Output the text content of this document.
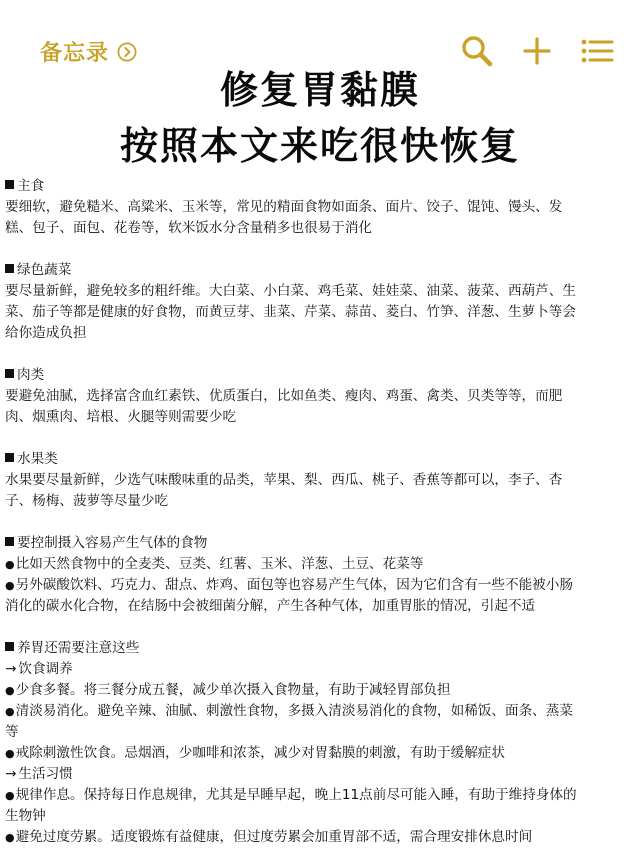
备忘录
修复胃黏膜
按照本文来吃很快恢复
主食
要细软，避免糙米、高粱米、玉米等，常见的精面食物如面条、面片、饺子、馄饨、馒头、发
糕、包子、面包、花卷等，软米饭水分含量稍多也很易于消化
绿色蔬菜
要尽量新鲜，避免较多的粗纤维。大白菜、小白菜、鸡毛菜、娃娃菜、油菜、菠菜、西葫芦、生
菜、茄子等都是健康的好食物，而黄豆芽、韭菜、芹菜、蒜苗、菱白、竹笋、洋葱、生萝卜等会
给你造成负担
肉类
要避免油腻，选择富含血红素铁、优质蛋白，比如鱼类、瘦肉、鸡蛋、禽类、贝类等等，而肥
肉、烟熏肉、培根、火腿等则需要少吃
水果类
水果要尽量新鲜，少选气味酸味重的品类，苹果、梨、西瓜、桃子、香蕉等都可以，李子、杏
子、杨梅、菠萝等尽量少吃
要控制摄入容易产生气体的食物
● 比如天然食物中的全麦类、豆类、红薯、玉米、洋葱、土豆、花菜等
● 另外碳酸饮料、巧克力、甜点、炸鸡、面包等也容易产生气体，因为它们含有一些不能被小肠
消化的碳水化合物，在结肠中会被细菌分解，产生各种气体，加重胃胀的情况，引起不适
养胃还需要注意这些
→ 饮食调养
● 少食多餐。将三餐分成五餐，减少单次摄入食物量，有助于减轻胃部负担
● 清淡易消化。避免辛辣、油腻、刺激性食物，多摄入清淡易消化的食物，如稀饭、面条、蒸菜
等
● 戒除刺激性饮食。忌烟酒，少咖啡和浓茶，减少对胃黏膜的刺激，有助于缓解症状
→ 生活习惯
● 规律作息。保持每日作息规律，尤其是早睡早起，晚上11点前尽可能入睡，有助于维持身体的
生物钟
● 避免过度劳累。适度锻炼有益健康，但过度劳累会加重胃部不适，需合理安排休息时间
